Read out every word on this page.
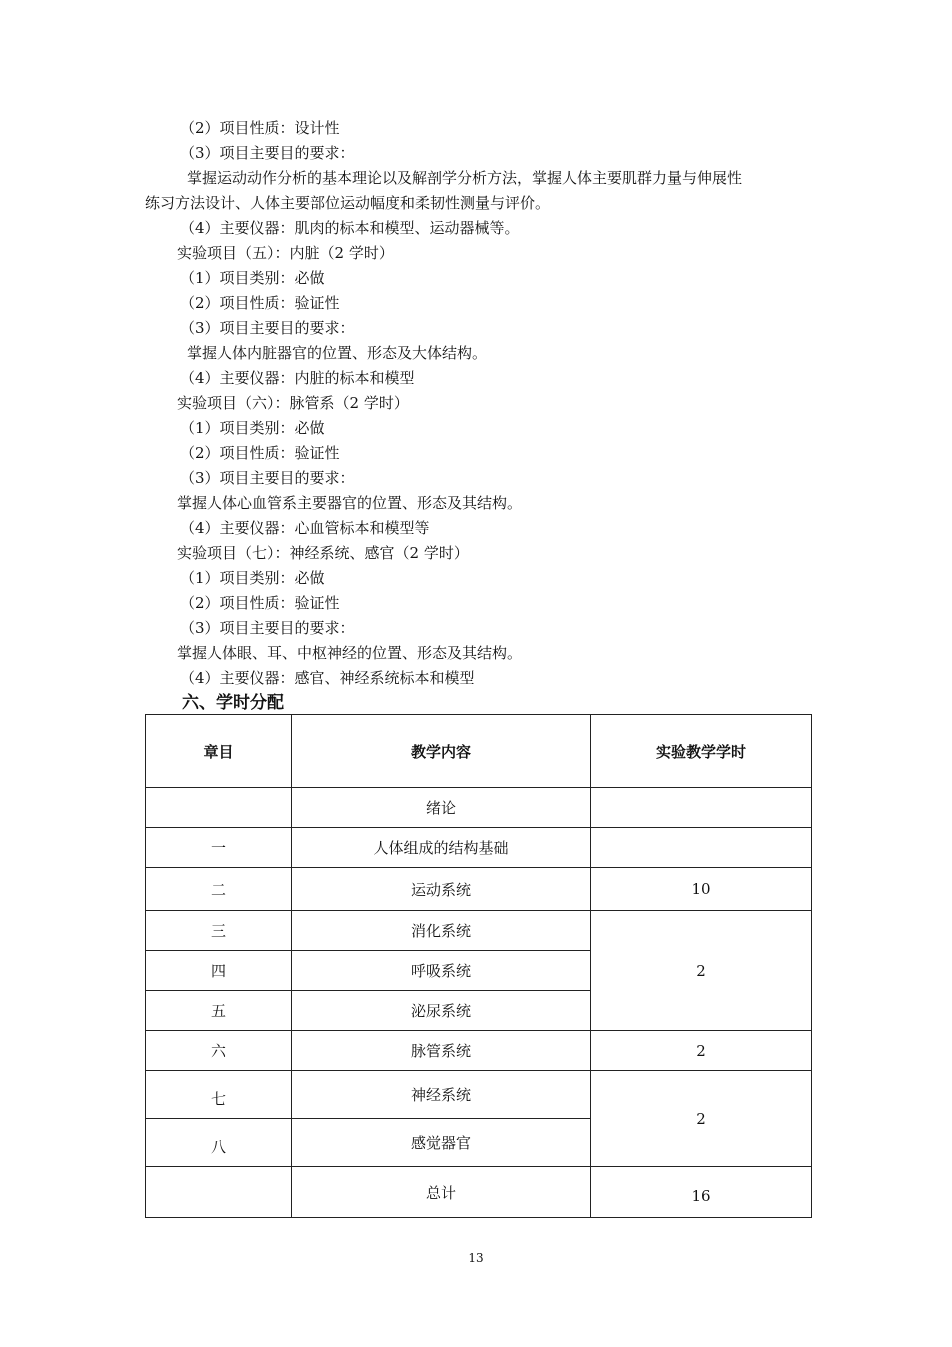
（2）项目性质：设计性
（3）项目主要目的要求：
掌握运动动作分析的基本理论以及解剖学分析方法，掌握人体主要肌群力量与伸展性
练习方法设计、人体主要部位运动幅度和柔韧性测量与评价。
（4）主要仪器：肌肉的标本和模型、运动器械等。
实验项目（五）：内脏（2 学时）
（1）项目类别：必做
（2）项目性质：验证性
（3）项目主要目的要求：
掌握人体内脏器官的位置、形态及大体结构。
（4）主要仪器：内脏的标本和模型
实验项目（六）：脉管系（2 学时）
（1）项目类别：必做
（2）项目性质：验证性
（3）项目主要目的要求：
掌握人体心血管系主要器官的位置、形态及其结构。
（4）主要仪器：心血管标本和模型等
实验项目（七）：神经系统、感官（2 学时）
（1）项目类别：必做
（2）项目性质：验证性
（3）项目主要目的要求：
掌握人体眼、耳、中枢神经的位置、形态及其结构。
（4）主要仪器：感官、神经系统标本和模型
六、学时分配
章目	教学内容	实验教学学时
	绪论	
一	人体组成的结构基础	
二	运动系统	10
三	消化系统	2
四	呼吸系统	
五	泌尿系统	
六	脉管系统	2
七	神经系统	2
八	感觉器官	
	总计	16
13
